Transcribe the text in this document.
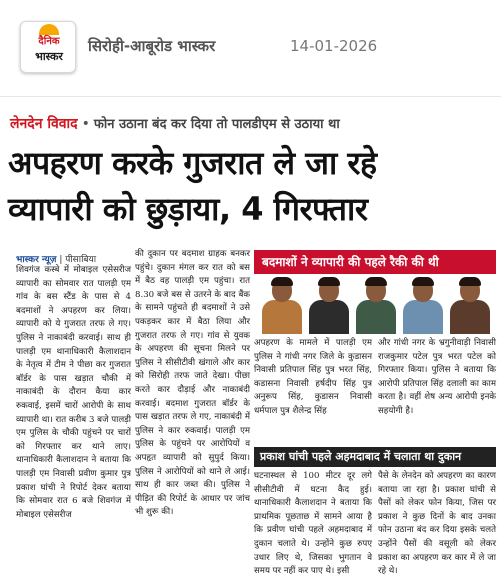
दैनिक
भास्कर
सिरोही-आबूरोड भास्कर	14-01-2026
लेनदेन विवाद • फोन उठाना बंद कर दिया तो पालडीएम से उठाया था
अपहरण करके गुजरात ले जा रहे
व्यापारी को छुड़ाया, 4 गिरफ्तार
भास्कर न्यूज़ | पीसाबिया
शिवगंज कस्बे में मोबाइल एसेसरीज व्यापारी का सोमवार रात पालड़ी एम गांव के बस स्टैंड के पास से 4 बदमाशों ने अपहरण कर लिया। व्यापारी को ये गुजरात तरफ ले गए। पुलिस ने नाकाबंदी करवाई। साथ ही पालड़ी एम थानाधिकारी कैलाशदान के नेतृत्व में टीम ने पीछा कर गुजरात बॉर्डर के पास खड़ात चौकी में नाकाबंदी के दौरान कैया कार रुकवाई, इसमें चारों आरोपी के साथ व्यापारी था। रात करीब 3 बजे पालड़ी एम पुलिस के चौकी पहुंचने पर चारों को गिरफ्तार कर थाने लाए। थानाधिकारी कैलाशदान ने बताया कि पालड़ी एम निवासी प्रवीण कुमार पुत्र प्रकाश घांची ने रिपोर्ट देकर बताया कि सोमवार रात 6 बजे शिवगंज में मोबाइल एसेसरीज
की दुकान पर बदमाश ग्राहक बनकर पहुंचे। दुकान मंगल कर रात को बस में बैठ वह पालड़ी एम पहुंचा। रात 8.30 बजे बस से उतरने के बाद बैंक के सामने पहुंचते ही बदमाशों ने उसे पकड़कर कार में बैठा लिया और गुजरात तरफ ले गए। गांव से युवक के अपहरण की सूचना मिलने पर पुलिस ने सीसीटीवी खंगाले और कार को सिरोही तरफ जाते देखा। पीछा करते कार दौड़ाई और नाकाबंदी करवाई। बदमाश गुजरात बॉर्डर के पास खड़ात तरफ ले गए, नाकाबंदी में पुलिस ने कार रुकवाई। पालड़ी एम पुलिस के पहुंचने पर आरोपियों व अपहृत व्यापारी को सुपुर्द किया। पुलिस ने आरोपियों को थाने ले आई। साथ ही कार जब्त की। पुलिस ने पीड़ित की रिपोर्ट के आधार पर जांच भी शुरू की।
बदमाशों ने व्यापारी की पहले रैकी की थी
अपहरण के मामले में पालड़ी एम पुलिस ने गांधी नगर जिले के कुडासन निवासी प्रतिपाल सिंह पुत्र भरत सिंह, कडासना निवासी हर्षदीप सिंह पुत्र अनुरूप सिंह, कुडासन निवासी धर्मपाल पुत्र शैलेन्द्र सिंह
और गांधी नगर के भ्रगुनीवाड़ी निवासी राजकुमार पटेल पुत्र भरत पटेल को गिरफ्तार किया। पुलिस ने बताया कि आरोपी प्रतिपाल सिंह दलाली का काम करता है। वहीं शेष अन्य आरोपी इनके सहयोगी है।
प्रकाश घांची पहले अहमदाबाद में चलाता था दुकान
घटनास्थल से 100 मीटर दूर लगे सीसीटीवी में घटना कैद हुई। थानाधिकारी कैलाशदान ने बताया कि प्राथमिक पूछताछ में सामने आया है कि प्रवीण घांची पहले अहमदाबाद में दुकान चलाते थे। उन्होंने कुछ रुपए उधार लिए थे, जिसका भुगतान वे समय पर नहीं कर पाए थे। इसी
पैसे के लेनदेन को अपहरण का कारण बताया जा रहा है। प्रकाश घांची से पैसों को लेकर फोन किया, जिस पर प्रकाश ने कुछ दिनों के बाद उनका फोन उठाना बंद कर दिया इसके चलते उन्होंने पैसों की वसूली को लेकर प्रकाश का अपहरण कर कार में ले जा रहे थे।
